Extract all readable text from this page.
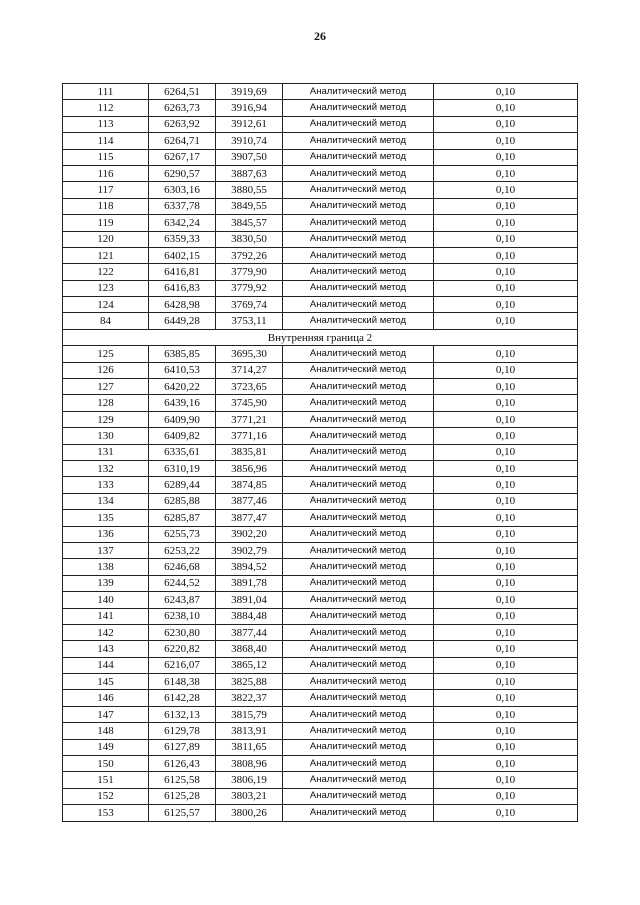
26
111	6264,51	3919,69	Аналитический метод	0,10
112	6263,73	3916,94	Аналитический метод	0,10
113	6263,92	3912,61	Аналитический метод	0,10
114	6264,71	3910,74	Аналитический метод	0,10
115	6267,17	3907,50	Аналитический метод	0,10
116	6290,57	3887,63	Аналитический метод	0,10
117	6303,16	3880,55	Аналитический метод	0,10
118	6337,78	3849,55	Аналитический метод	0,10
119	6342,24	3845,57	Аналитический метод	0,10
120	6359,33	3830,50	Аналитический метод	0,10
121	6402,15	3792,26	Аналитический метод	0,10
122	6416,81	3779,90	Аналитический метод	0,10
123	6416,83	3779,92	Аналитический метод	0,10
124	6428,98	3769,74	Аналитический метод	0,10
84	6449,28	3753,11	Аналитический метод	0,10
Внутренняя граница 2				
125	6385,85	3695,30	Аналитический метод	0,10
126	6410,53	3714,27	Аналитический метод	0,10
127	6420,22	3723,65	Аналитический метод	0,10
128	6439,16	3745,90	Аналитический метод	0,10
129	6409,90	3771,21	Аналитический метод	0,10
130	6409,82	3771,16	Аналитический метод	0,10
131	6335,61	3835,81	Аналитический метод	0,10
132	6310,19	3856,96	Аналитический метод	0,10
133	6289,44	3874,85	Аналитический метод	0,10
134	6285,88	3877,46	Аналитический метод	0,10
135	6285,87	3877,47	Аналитический метод	0,10
136	6255,73	3902,20	Аналитический метод	0,10
137	6253,22	3902,79	Аналитический метод	0,10
138	6246,68	3894,52	Аналитический метод	0,10
139	6244,52	3891,78	Аналитический метод	0,10
140	6243,87	3891,04	Аналитический метод	0,10
141	6238,10	3884,48	Аналитический метод	0,10
142	6230,80	3877,44	Аналитический метод	0,10
143	6220,82	3868,40	Аналитический метод	0,10
144	6216,07	3865,12	Аналитический метод	0,10
145	6148,38	3825,88	Аналитический метод	0,10
146	6142,28	3822,37	Аналитический метод	0,10
147	6132,13	3815,79	Аналитический метод	0,10
148	6129,78	3813,91	Аналитический метод	0,10
149	6127,89	3811,65	Аналитический метод	0,10
150	6126,43	3808,96	Аналитический метод	0,10
151	6125,58	3806,19	Аналитический метод	0,10
152	6125,28	3803,21	Аналитический метод	0,10
153	6125,57	3800,26	Аналитический метод	0,10
